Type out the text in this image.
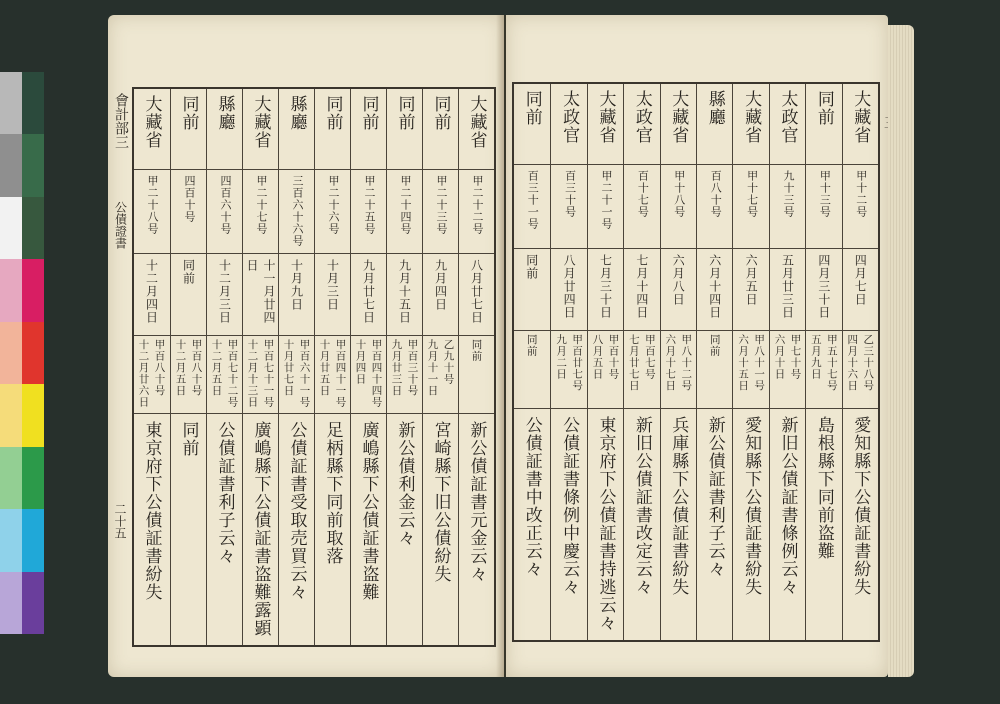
會計部三
公債證書
二十五
大藏省
甲二十二号
八月廿七日
同前
新公債証書元金云々
同前
甲二十三号
九月四日
乙九十号
九月十一日
宮崎縣下旧公債紛失
同前
甲二十四号
九月十五日
甲百三十号
九月廿三日
新公債利金云々
同前
甲二十五号
九月廿七日
甲百四十四号
十月四日
廣嶋縣下公債証書盗難
同前
甲二十六号
十月三日
甲百四十一号
十月廿五日
足柄縣下同前取落
縣廳
三百六十六号
十月九日
甲百六十一号
十月廿七日
公債証書受取売買云々
大藏省
甲二十七号
十一月廿四日
甲百七十一号
十二月十三日
廣嶋縣下公債証書盗難露顕
縣廳
四百六十号
十二月三日
甲百七十二号
十二月五日
公債証書利子云々
同前
四百十号
同前
甲百八十号
十二月五日
同前
大藏省
甲二十八号
十二月四日
甲百八十号
十二月廿六日
東京府下公債証書紛失
大藏省
甲十二号
四月七日
乙三十八号
四月十六日
愛知縣下公債証書紛失
同前
甲十三号
四月三十日
甲五十七号
五月九日
島根縣下同前盗難
太政官
九十三号
五月廿三日
甲七十号
六月十日
新旧公債証書條例云々
大藏省
甲十七号
六月五日
甲八十一号
六月十五日
愛知縣下公債証書紛失
縣廳
百八十号
六月十四日
同前
新公債証書利子云々
大藏省
甲十八号
六月八日
甲八十二号
六月十七日
兵庫縣下公債証書紛失
太政官
百十七号
七月十四日
甲百七号
七月廿七日
新旧公債証書改定云々
大藏省
甲二十一号
七月三十日
甲百十号
八月五日
東京府下公債証書持逃云々
太政官
百三十号
八月廿四日
甲百廿七号
九月二日
公債証書條例中慶云々
同前
百三十一号
同前
同前
公債証書中改正云々
